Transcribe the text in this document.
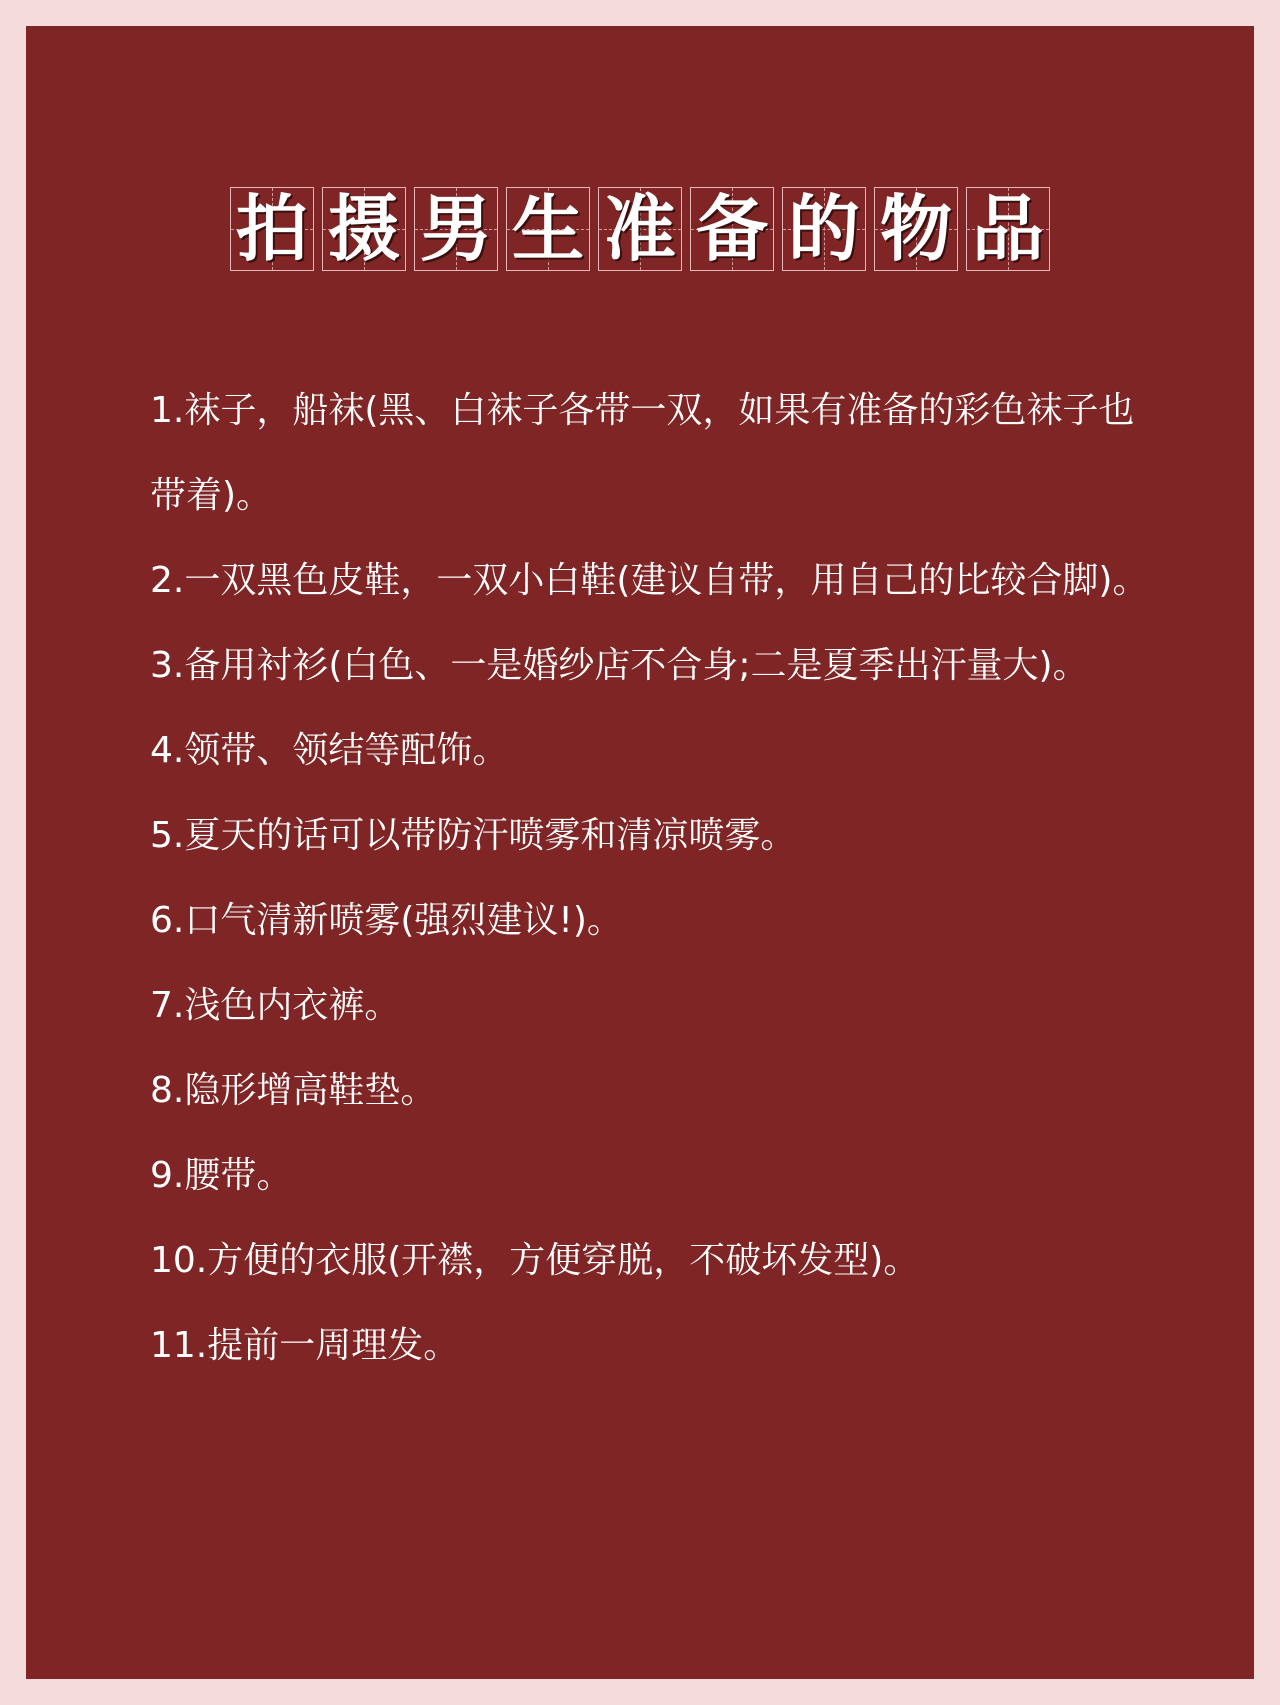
拍 摄 男 生 准 备 的 物 品
1.袜子，船袜(黑、白袜子各带一双，如果有准备的彩色袜子也带着)。
2.一双黑色皮鞋，一双小白鞋(建议自带，用自己的比较合脚)。
3.备用衬衫(白色、一是婚纱店不合身;二是夏季出汗量大)。
4.领带、领结等配饰。
5.夏天的话可以带防汗喷雾和清凉喷雾。
6.口气清新喷雾(强烈建议!)。
7.浅色内衣裤。
8.隐形增高鞋垫。
9.腰带。
10.方便的衣服(开襟，方便穿脱，不破坏发型)。
11.提前一周理发。
